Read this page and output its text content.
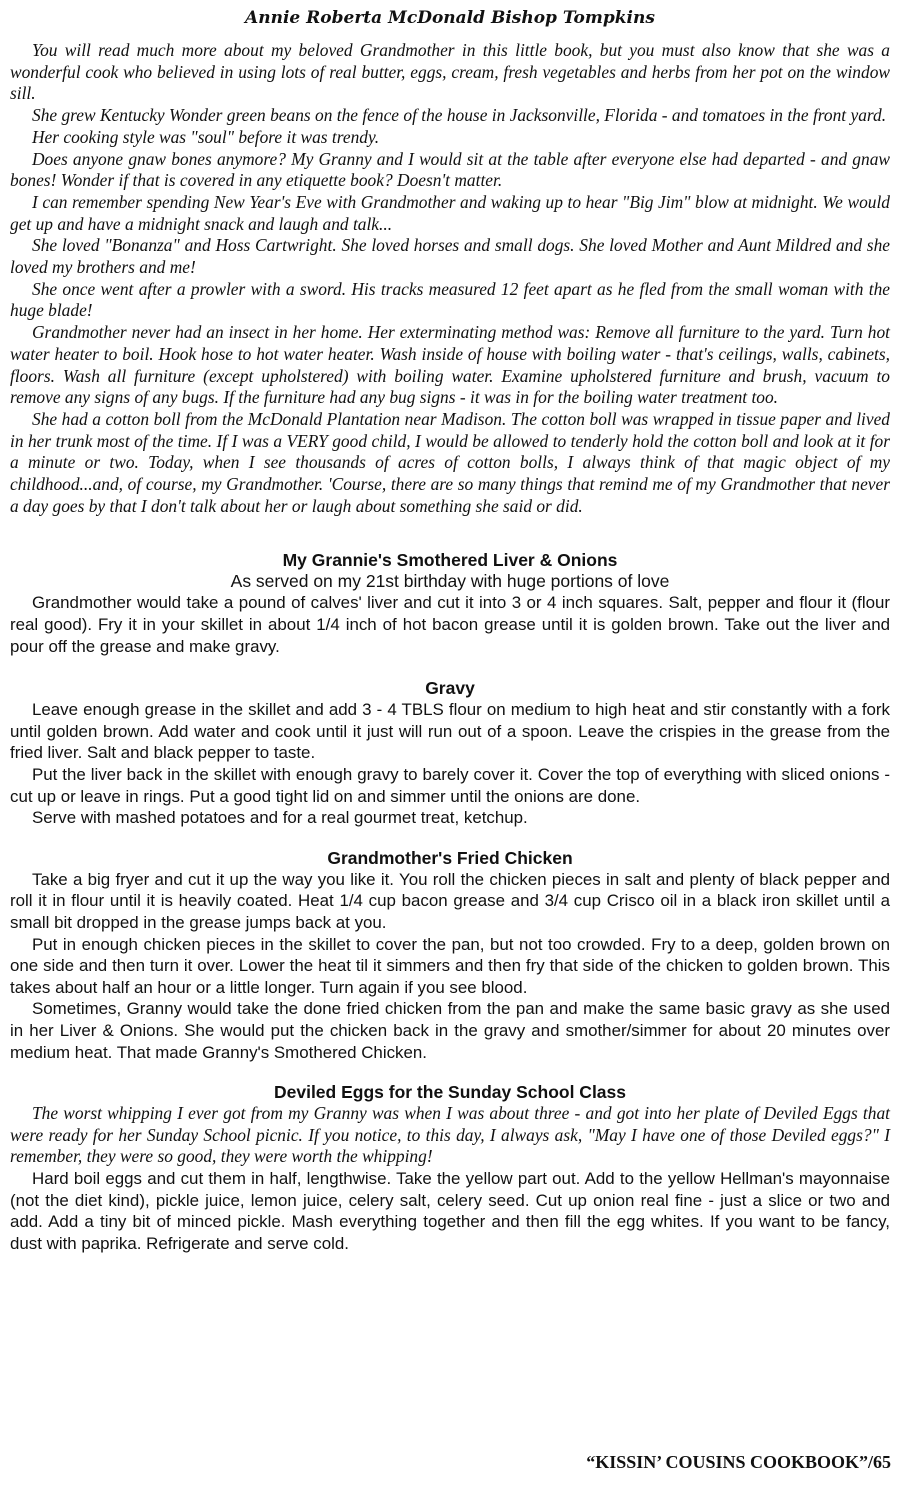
Annie Roberta McDonald Bishop Tompkins

You will read much more about my beloved Grandmother in this little book, but you must also know that she was a wonderful cook who believed in using lots of real butter, eggs, cream, fresh vegetables and herbs from her pot on the window sill.

She grew Kentucky Wonder green beans on the fence of the house in Jacksonville, Florida - and tomatoes in the front yard.

Her cooking style was "soul" before it was trendy.

Does anyone gnaw bones anymore? My Granny and I would sit at the table after everyone else had departed - and gnaw bones! Wonder if that is covered in any etiquette book? Doesn't matter.

I can remember spending New Year's Eve with Grandmother and waking up to hear "Big Jim" blow at midnight. We would get up and have a midnight snack and laugh and talk...

She loved "Bonanza" and Hoss Cartwright. She loved horses and small dogs. She loved Mother and Aunt Mildred and she loved my brothers and me!

She once went after a prowler with a sword. His tracks measured 12 feet apart as he fled from the small woman with the huge blade!

Grandmother never had an insect in her home. Her exterminating method was: Remove all furniture to the yard. Turn hot water heater to boil. Hook hose to hot water heater. Wash inside of house with boiling water - that's ceilings, walls, cabinets, floors. Wash all furniture (except upholstered) with boiling water. Examine upholstered furniture and brush, vacuum to remove any signs of any bugs. If the furniture had any bug signs - it was in for the boiling water treatment too.

She had a cotton boll from the McDonald Plantation near Madison. The cotton boll was wrapped in tissue paper and lived in her trunk most of the time. If I was a VERY good child, I would be allowed to tenderly hold the cotton boll and look at it for a minute or two. Today, when I see thousands of acres of cotton bolls, I always think of that magic object of my childhood...and, of course, my Grandmother. 'Course, there are so many things that remind me of my Grandmother that never a day goes by that I don't talk about her or laugh about something she said or did.

My Grannie's Smothered Liver & Onions
As served on my 21st birthday with huge portions of love

Grandmother would take a pound of calves' liver and cut it into 3 or 4 inch squares. Salt, pepper and flour it (flour real good). Fry it in your skillet in about 1/4 inch of hot bacon grease until it is golden brown. Take out the liver and pour off the grease and make gravy.

Gravy

Leave enough grease in the skillet and add 3 - 4 TBLS flour on medium to high heat and stir constantly with a fork until golden brown. Add water and cook until it just will run out of a spoon. Leave the crispies in the grease from the fried liver. Salt and black pepper to taste.

Put the liver back in the skillet with enough gravy to barely cover it. Cover the top of everything with sliced onions - cut up or leave in rings. Put a good tight lid on and simmer until the onions are done.

Serve with mashed potatoes and for a real gourmet treat, ketchup.

Grandmother's Fried Chicken

Take a big fryer and cut it up the way you like it. You roll the chicken pieces in salt and plenty of black pepper and roll it in flour until it is heavily coated. Heat 1/4 cup bacon grease and 3/4 cup Crisco oil in a black iron skillet until a small bit dropped in the grease jumps back at you.

Put in enough chicken pieces in the skillet to cover the pan, but not too crowded. Fry to a deep, golden brown on one side and then turn it over. Lower the heat til it simmers and then fry that side of the chicken to golden brown. This takes about half an hour or a little longer. Turn again if you see blood.

Sometimes, Granny would take the done fried chicken from the pan and make the same basic gravy as she used in her Liver & Onions. She would put the chicken back in the gravy and smother/simmer for about 20 minutes over medium heat. That made Granny's Smothered Chicken.

Deviled Eggs for the Sunday School Class

The worst whipping I ever got from my Granny was when I was about three - and got into her plate of Deviled Eggs that were ready for her Sunday School picnic. If you notice, to this day, I always ask, "May I have one of those Deviled eggs?" I remember, they were so good, they were worth the whipping!

Hard boil eggs and cut them in half, lengthwise. Take the yellow part out. Add to the yellow Hellman's mayonnaise (not the diet kind), pickle juice, lemon juice, celery salt, celery seed. Cut up onion real fine - just a slice or two and add. Add a tiny bit of minced pickle. Mash everything together and then fill the egg whites. If you want to be fancy, dust with paprika. Refrigerate and serve cold.

“KISSIN’ COUSINS COOKBOOK”/65
